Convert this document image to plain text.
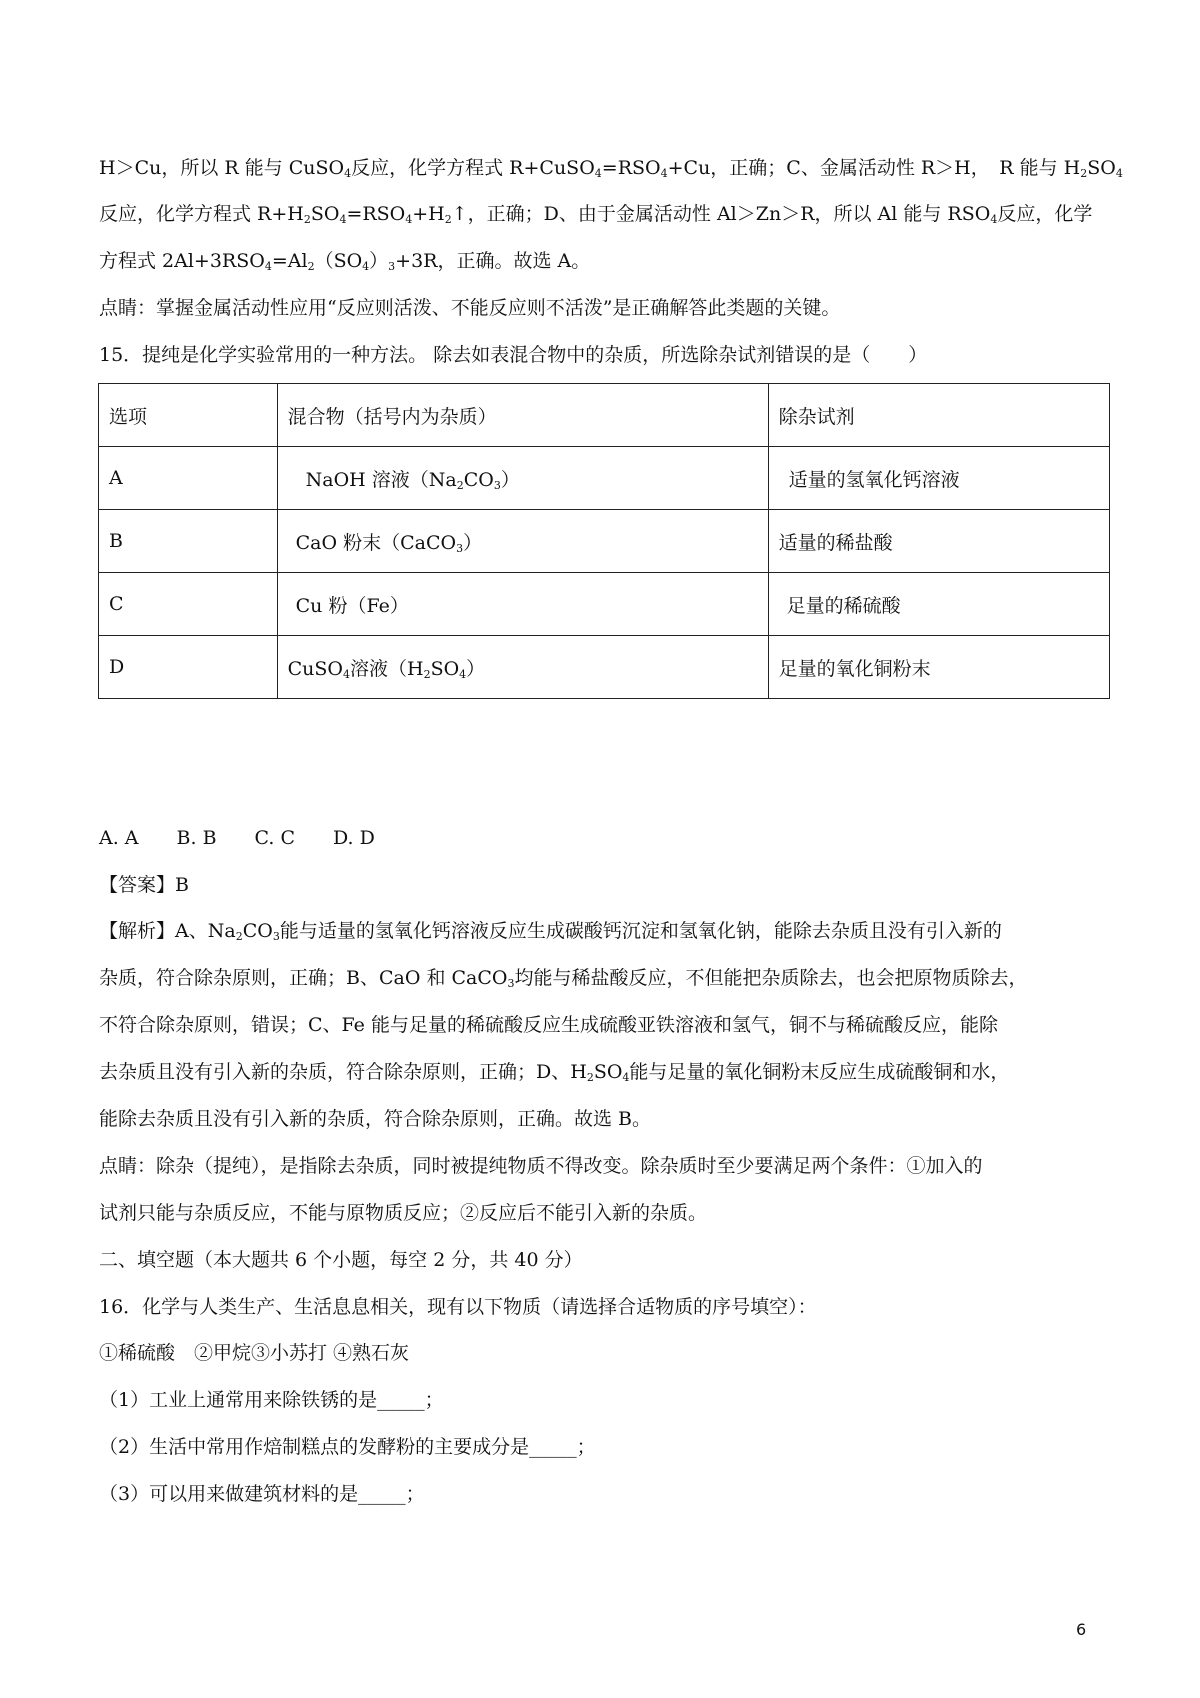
H＞Cu，所以 R 能与 CuSO$_4$反应，化学方程式 $R+CuSO_4=RSO_4+Cu$，正确；C、金属活动性 R＞H，　R 能与 $H_2SO_4$
反应，化学方程式 $R+H_2SO_4=RSO_4+H_2↑$，正确；D、由于金属活动性 Al＞Zn＞R，所以 Al 能与 $RSO_4$反应，化学
方程式 $2Al+3RSO_4=Al_2(SO_4)_3+3R$，正确。故选 A。
点睛：掌握金属活动性应用“反应则活泼、不能反应则不活泼”是正确解答此类题的关键。
15．提纯是化学实验常用的一种方法。 除去如表混合物中的杂质，所选除杂试剂错误的是（　　）
选项	混合物（括号内为杂质）	除杂试剂
A	NaOH 溶液$(Na_2CO_3)$	适量的氢氧化钙溶液
B	CaO 粉末（CaCO$_3$）	适量的稀盐酸
C	Cu 粉（Fe）	足量的稀硫酸
D	CuSO$_4$溶液$(H_2SO_4)$	足量的氧化铜粉末
A. A　　B. B　　C. C　　D. D
【答案】B
【解析】A、$Na_2CO_3$能与适量的氢氧化钙溶液反应生成碳酸钙沉淀和氢氧化钠，能除去杂质且没有引入新的
杂质，符合除杂原则，正确；B、CaO 和 CaCO$_3$均能与稀盐酸反应，不但能把杂质除去，也会把原物质除去，
不符合除杂原则，错误；C、Fe 能与足量的稀硫酸反应生成硫酸亚铁溶液和氢气，铜不与稀硫酸反应，能除
去杂质且没有引入新的杂质，符合除杂原则，正确；D、$H_2SO_4$能与足量的氧化铜粉末反应生成硫酸铜和水，
能除去杂质且没有引入新的杂质，符合除杂原则，正确。故选 B。
点睛：除杂（提纯），是指除去杂质，同时被提纯物质不得改变。除杂质时至少要满足两个条件：①加入的
试剂只能与杂质反应，不能与原物质反应；②反应后不能引入新的杂质。
二、填空题（本大题共 6 个小题，每空 2 分，共 40 分）
16．化学与人类生产、生活息息相关，现有以下物质（请选择合适物质的序号填空）：
①稀硫酸　②甲烷③小苏打 ④熟石灰
（1）工业上通常用来除铁锈的是_____；
（2）生活中常用作焙制糕点的发酵粉的主要成分是_____；
（3）可以用来做建筑材料的是_____；
6
